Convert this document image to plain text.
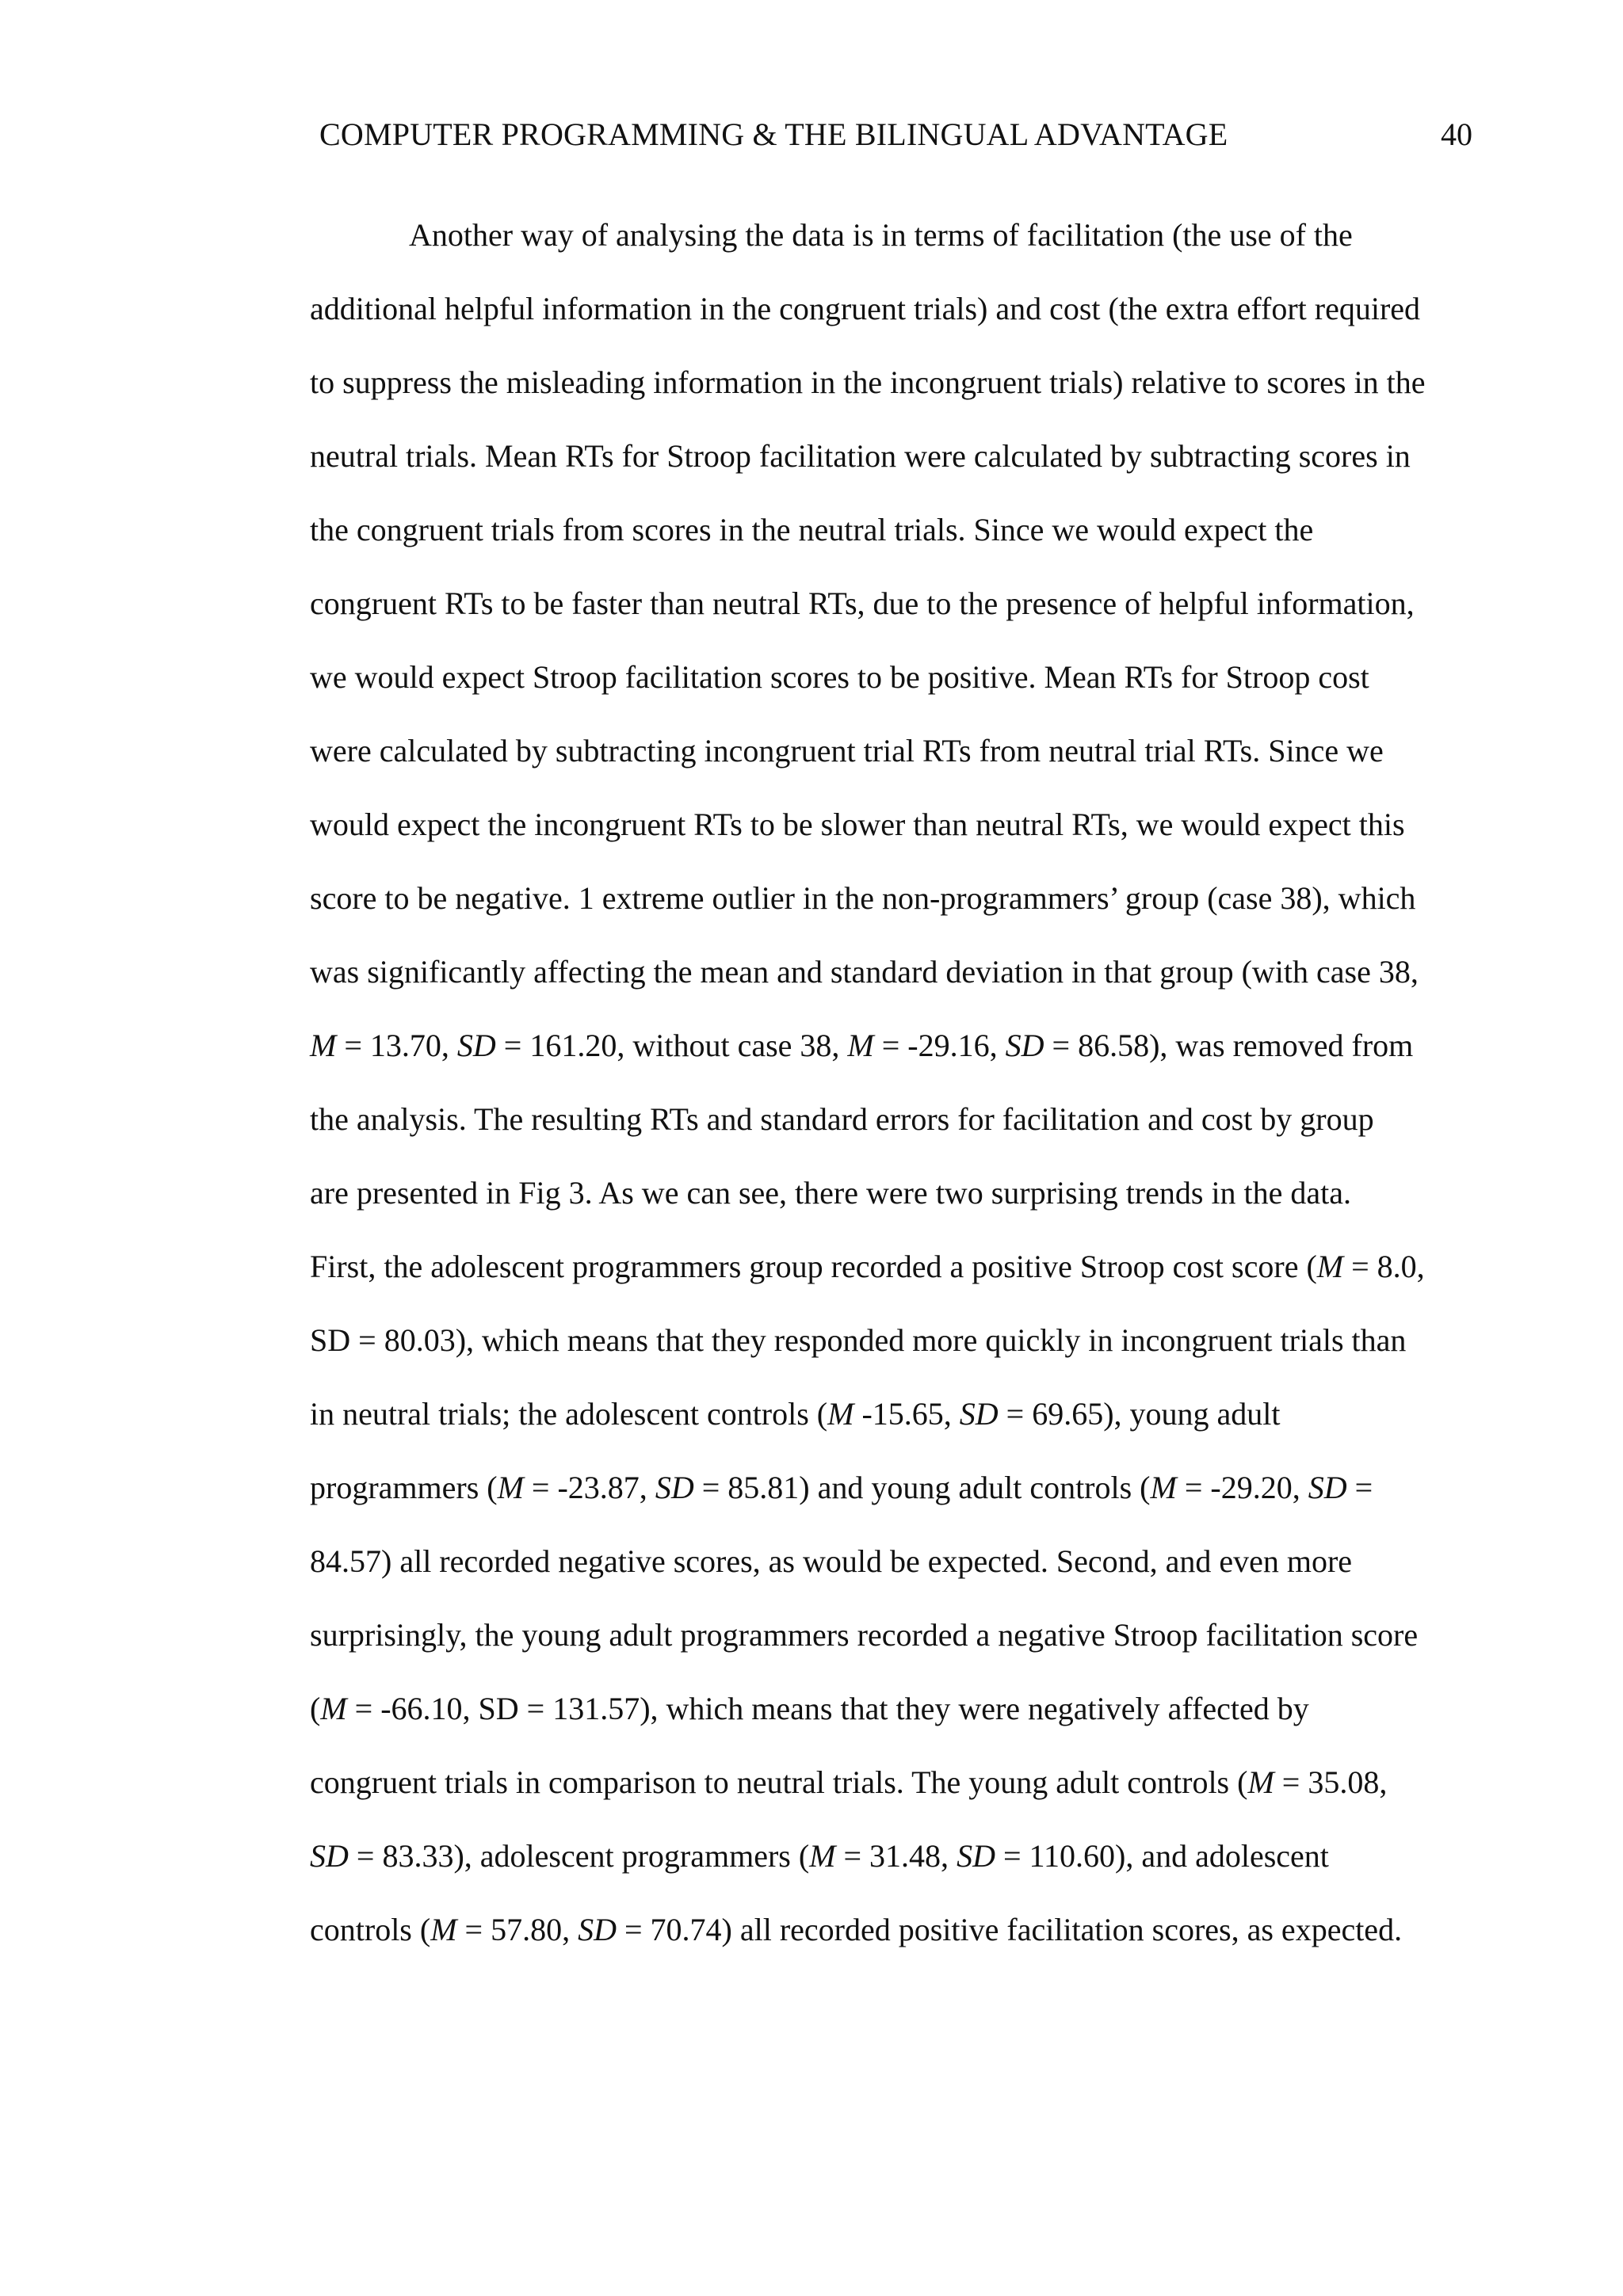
COMPUTER PROGRAMMING & THE BILINGUAL ADVANTAGE	40
Another way of analysing the data is in terms of facilitation (the use of the
additional helpful information in the congruent trials) and cost (the extra effort required
to suppress the misleading information in the incongruent trials) relative to scores in the
neutral trials. Mean RTs for Stroop facilitation were calculated by subtracting scores in
the congruent trials from scores in the neutral trials. Since we would expect the
congruent RTs to be faster than neutral RTs, due to the presence of helpful information,
we would expect Stroop facilitation scores to be positive. Mean RTs for Stroop cost
were calculated by subtracting incongruent trial RTs from neutral trial RTs. Since we
would expect the incongruent RTs to be slower than neutral RTs, we would expect this
score to be negative. 1 extreme outlier in the non-programmers’ group (case 38), which
was significantly affecting the mean and standard deviation in that group (with case 38,
M = 13.70, SD = 161.20, without case 38, M = -29.16, SD = 86.58), was removed from
the analysis. The resulting RTs and standard errors for facilitation and cost by group
are presented in Fig 3. As we can see, there were two surprising trends in the data.
First, the adolescent programmers group recorded a positive Stroop cost score (M = 8.0,
SD = 80.03), which means that they responded more quickly in incongruent trials than
in neutral trials; the adolescent controls (M -15.65, SD = 69.65), young adult
programmers (M = -23.87, SD = 85.81) and young adult controls (M = -29.20, SD =
84.57) all recorded negative scores, as would be expected. Second, and even more
surprisingly, the young adult programmers recorded a negative Stroop facilitation score
(M = -66.10, SD = 131.57), which means that they were negatively affected by
congruent trials in comparison to neutral trials. The young adult controls (M = 35.08,
SD = 83.33), adolescent programmers (M = 31.48, SD = 110.60), and adolescent
controls (M = 57.80, SD = 70.74) all recorded positive facilitation scores, as expected.
